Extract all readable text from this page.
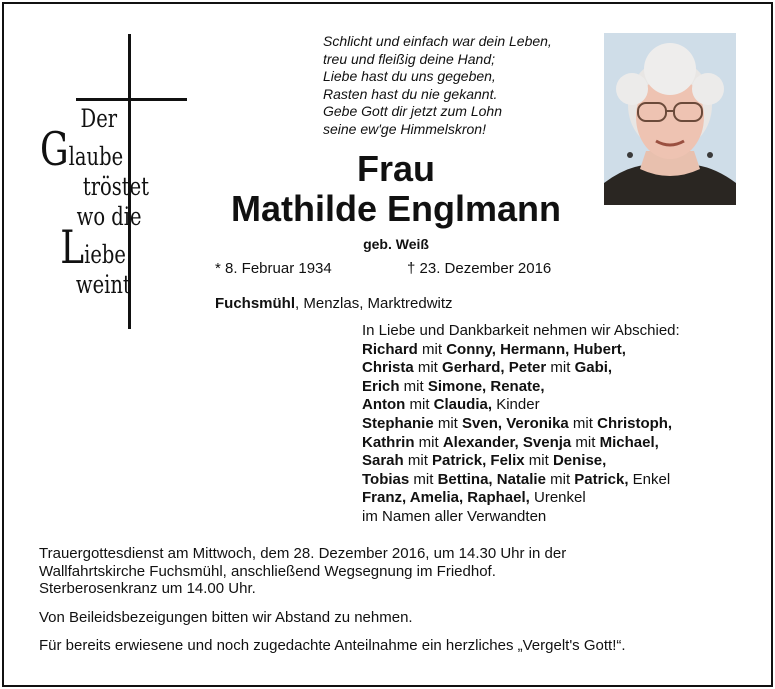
Der
Glaube
tröstet
wo die
Liebe
weint
Schlicht und einfach war dein Leben,
treu und fleißig deine Hand;
Liebe hast du uns gegeben,
Rasten hast du nie gekannt.
Gebe Gott dir jetzt zum Lohn
seine ew'ge Himmelskron!
Frau
Mathilde Englmann
geb. Weiß
* 8. Februar 1934	† 23. Dezember 2016
Fuchsmühl, Menzlas, Marktredwitz
In Liebe und Dankbarkeit nehmen wir Abschied:
Richard mit Conny, Hermann, Hubert,
Christa mit Gerhard, Peter mit Gabi,
Erich mit Simone, Renate,
Anton mit Claudia, Kinder
Stephanie mit Sven, Veronika mit Christoph,
Kathrin mit Alexander, Svenja mit Michael,
Sarah mit Patrick, Felix mit Denise,
Tobias mit Bettina, Natalie mit Patrick, Enkel
Franz, Amelia, Raphael, Urenkel
im Namen aller Verwandten
Trauergottesdienst am Mittwoch, dem 28. Dezember 2016, um 14.30 Uhr in der
Wallfahrtskirche Fuchsmühl, anschließend Wegsegnung im Friedhof.
Sterberosenkranz um 14.00 Uhr.
Von Beileidsbezeigungen bitten wir Abstand zu nehmen.
Für bereits erwiesene und noch zugedachte Anteilnahme ein herzliches „Vergelt's Gott!“.
